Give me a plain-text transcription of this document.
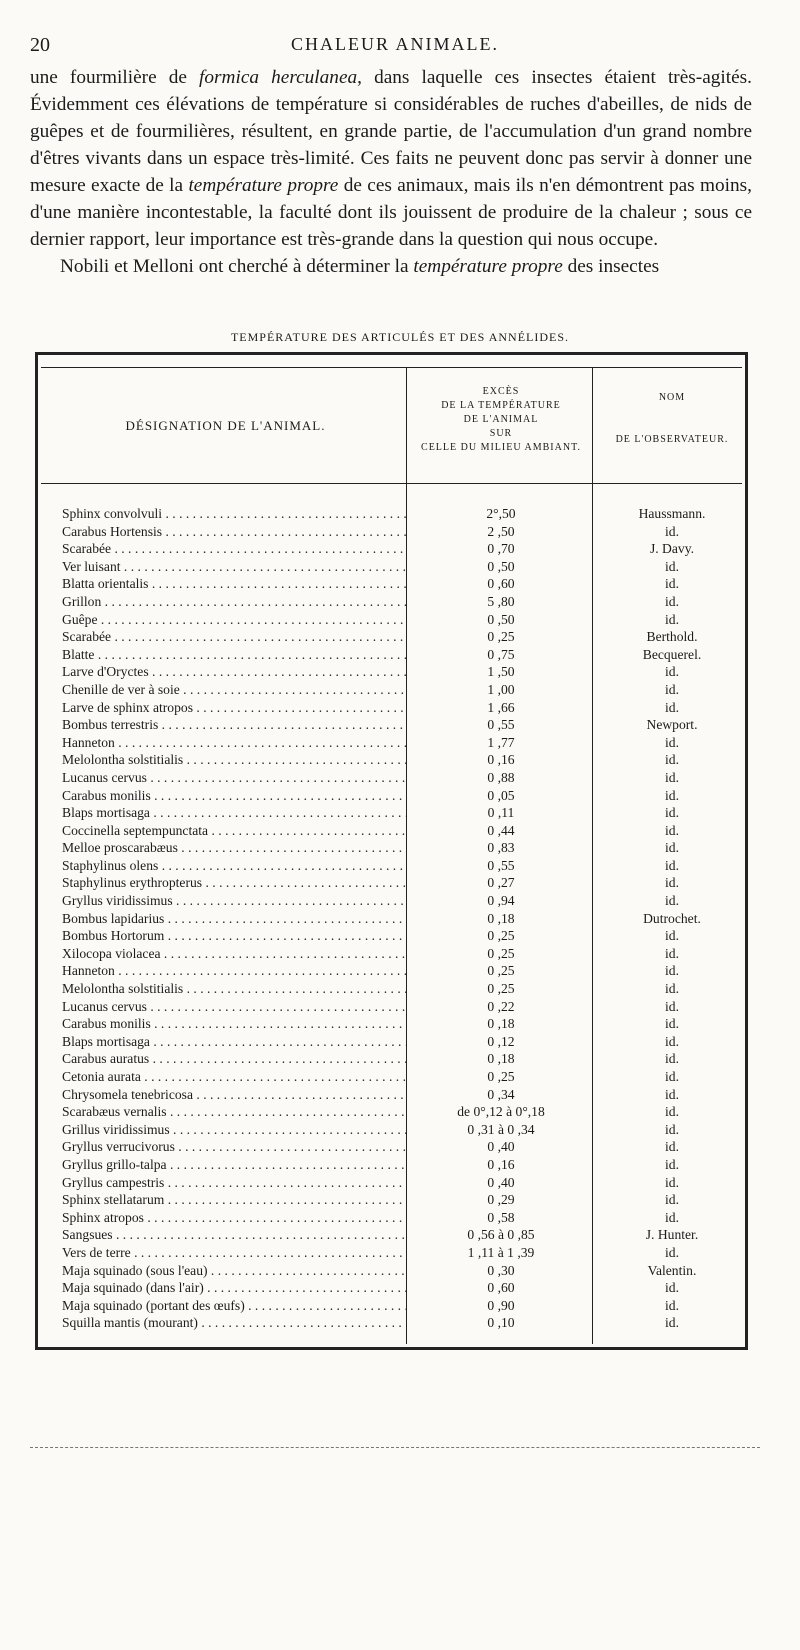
20	CHALEUR ANIMALE.

une fourmilière de formica herculanea, dans laquelle ces insectes étaient très-agités. Évidemment ces élévations de température si considérables de ruches d'abeilles, de nids de guêpes et de fourmilières, résultent, en grande partie, de l'accumulation d'un grand nombre d'êtres vivants dans un espace très-limité. Ces faits ne peuvent donc pas servir à donner une mesure exacte de la température propre de ces animaux, mais ils n'en démontrent pas moins, d'une manière incontestable, la faculté dont ils jouissent de produire de la chaleur ; sous ce dernier rapport, leur importance est très-grande dans la question qui nous occupe.

Nobili et Melloni ont cherché à déterminer la température propre des insectes

TEMPÉRATURE DES ARTICULÉS ET DES ANNÉLIDES.
DÉSIGNATION DE L'ANIMAL.
EXCÈS
DE LA TEMPÉRATURE
DE L'ANIMAL
SUR
CELLE DU MILIEU AMBIANT.
NOM
DE L'OBSERVATEUR.
Sphinx convolvuli . . .	2°,50	Haussmann.
Carabus Hortensis . . .	2 ,50	id.
Scarabée . . .	0 ,70	J. Davy.
Ver luisant . . .	0 ,50	id.
Blatta orientalis . . .	0 ,60	id.
Grillon . . .	5 ,80	id.
Guêpe . . .	0 ,50	id.
Scarabée . . .	0 ,25	Berthold.
Blatte . . .	0 ,75	Becquerel.
Larve d'Oryctes . . .	1 ,50	id.
Chenille de ver à soie . . .	1 ,00	id.
Larve de sphinx atropos . . .	1 ,66	id.
Bombus terrestris . . .	0 ,55	Newport.
Hanneton . . .	1 ,77	id.
Melolontha solstitialis . . .	0 ,16	id.
Lucanus cervus . . .	0 ,88	id.
Carabus monilis . . .	0 ,05	id.
Blaps mortisaga . . .	0 ,11	id.
Coccinella septempunctata . . .	0 ,44	id.
Melloe proscarabæus . . .	0 ,83	id.
Staphylinus olens . . .	0 ,55	id.
Staphylinus erythropterus . . .	0 ,27	id.
Gryllus viridissimus . . .	0 ,94	id.
Bombus lapidarius . . .	0 ,18	Dutrochet.
Bombus Hortorum . . .	0 ,25	id.
Xilocopa violacea . . .	0 ,25	id.
Hanneton . . .	0 ,25	id.
Melolontha solstitialis . . .	0 ,25	id.
Lucanus cervus . . .	0 ,22	id.
Carabus monilis . . .	0 ,18	id.
Blaps mortisaga . . .	0 ,12	id.
Carabus auratus . . .	0 ,18	id.
Cetonia aurata . . .	0 ,25	id.
Chrysomela tenebricosa . . .	0 ,34	id.
Scarabæus vernalis . . .	de 0°,12 à 0°,18	id.
Grillus viridissimus . . .	0 ,31 à 0 ,34	id.
Gryllus verrucivorus . . .	0 ,40	id.
Gryllus grillo-talpa . . .	0 ,16	id.
Gryllus campestris . . .	0 ,40	id.
Sphinx stellatarum . . .	0 ,29	id.
Sphinx atropos . . .	0 ,58	id.
Sangsues . . .	0 ,56 à 0 ,85	J. Hunter.
Vers de terre . . .	1 ,11 à 1 ,39	id.
Maja squinado (sous l'eau) . . .	0 ,30	Valentin.
Maja squinado (dans l'air) . . .	0 ,60	id.
Maja squinado (portant des œufs) . . .	0 ,90	id.
Squilla mantis (mourant) . . .	0 ,10	id.
